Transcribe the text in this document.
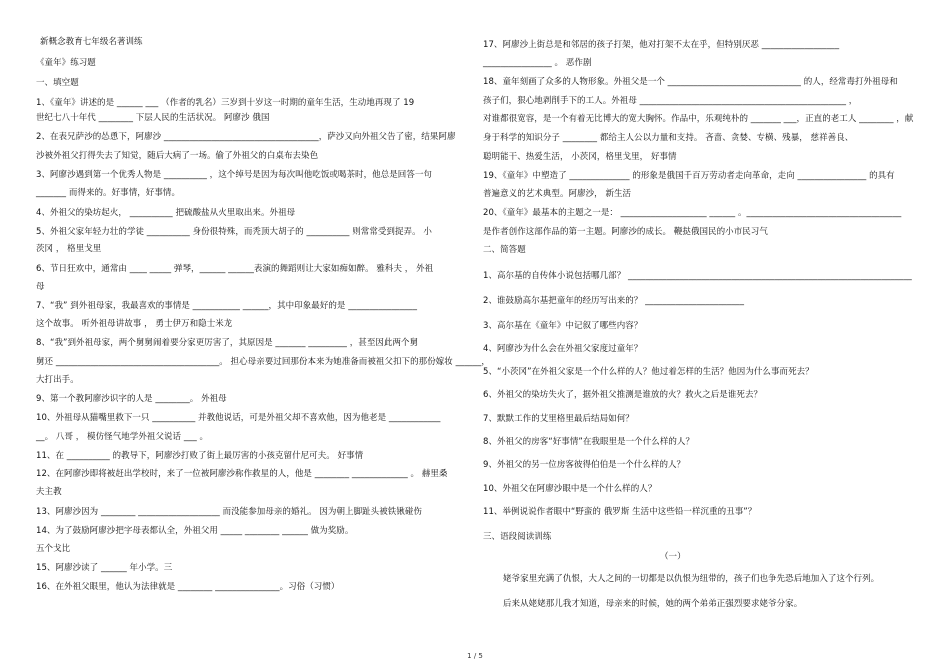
新概念教育七年级名著训练
《童年》练习题
一、填空题
1、《童年》讲述的是 ______ ___ （作者的乳名）三岁到十岁这一时期的童年生活，生动地再现了 19
世纪七八十年代 ________ 下层人民的生活状况。 阿廖沙 俄国
2、在表兄萨沙的怂恿下，阿廖沙 ____________________________________，萨沙又向外祖父告了密，结果阿廖
沙被外祖父打得失去了知觉，随后大病了一场。偷了外祖父的白桌布去染色
3、阿廖沙遇到第一个优秀人物是 __________ ，这个绰号是因为每次叫他吃饭或喝茶时，他总是回答一句
_______ 而得来的。好事情，好事情。
4、外祖父的染坊起火， __________ 把硫酸盐从火里取出来。外祖母
5、外祖父家年轻力壮的学徒 __________ 身份很特殊，而秃顶大胡子的 __________ 则常常受到捉弄。 小
茨冈 ， 格里戈里
6、节日狂欢中，通常由 ____ _____ 弹琴，______ ______表演的舞蹈则让大家如痴如醉。 雅科夫 ， 外祖
母
7、“我” 到外祖母家，我最喜欢的事情是 ___________ ______，其中印象最好的是 ________________
这个故事。 听外祖母讲故事 ， 勇士伊万和隐士米龙
8、“我”到外祖母家，两个舅舅闹着要分家更厉害了，其原因是 _______ _________ ，甚至因此两个舅
舅还 ______________________________________。 担心母亲要过回那份本来为她准备而被祖父扣下的那份嫁妆 ______，
大打出手。
9、第一个教阿廖沙识字的人是 ________。 外祖母
10、外祖母从猫嘴里救下一只 __________ 并教他说话，可是外祖父却不喜欢他，因为他老是 ____________
__。 八哥 ， 模仿怪气地学外祖父说话 ___ 。
11、在 __________ 的教导下，阿廖沙打败了街上最厉害的小孩克留什尼可夫。 好事情
12、在阿廖沙即将被赶出学校时，来了一位被阿廖沙称作救星的人，他是 ________ _____________ 。 赫里桑
夫主教
13、阿廖沙因为 ________ ___________________ 而没能参加母亲的婚礼。 因为朝上脚趾头被铁锹碰伤
14、为了鼓励阿廖沙把字母表都认全，外祖父用 _____ ________ ______ 做为奖励。
五个戈比
15、阿廖沙读了 ______ 年小学。三
16、在外祖父眼里，他认为法律就是 ________ _______________。习俗（习惯）
17、阿廖沙上街总是和邻居的孩子打架，他对打架不太在乎，但特别厌恶 __________________
________________ 。 恶作剧
18、童年刻画了众多的人物形象。外祖父是一个 _______________________________ 的人，经常毒打外祖母和
孩子们，狠心地剥削手下的工人。外祖母 ________________________________________________ ，
对谁都很宽容，是一个有着无比博大的宽大胸怀。作品中，乐观纯朴的 _______ ___，正直的老工人 ________ ，献
身于科学的知识分子 ________ 都给主人公以力量和支持。 吝啬、贪婪、专横、残暴， 慈祥善良、
聪明能干、热爱生活， 小茨冈，格里戈里， 好事情
19、《童年》中塑造了 ______________ 的形象是俄国千百万劳动者走向革命，走向 ________________ 的具有
普遍意义的艺术典型。阿廖沙， 新生活
20、《童年》最基本的主题之一是： ____________________ ______ 。____________________________________
是作者创作这部作品的第一主题。阿廖沙的成长。 鞭挞俄国民的小市民习气
二、简答题
1、高尔基的自传体小说包括哪几部？ __________________________________________________________________
2、谁鼓励高尔基把童年的经历写出来的？ _______________________
3、高尔基在《童年》中记叙了哪些内容？
4、阿廖沙为什么会在外祖父家度过童年？
5、“小茨冈”在外祖父家是一个什么样的人？他过着怎样的生活？他因为什么事而死去？
6、外祖父的染坊失火了，据外祖父推测是谁放的火？救火之后是谁死去？
7、默默工作的艾里格里最后结局如何？
8、外祖父的房客“好事情”在我眼里是一个什么样的人？
9、外祖父的另一位房客彼得伯伯是一个什么样的人？
10、外祖父在阿廖沙眼中是一个什么样的人？
11、举例说说作者眼中“野蛮的 俄罗斯 生活中这些铅一样沉重的丑事”？
三、语段阅读训练
（一）
姥爷家里充满了仇恨，大人之间的一切都是以仇恨为纽带的，孩子们也争先恐后地加入了这个行列。
后来从姥姥那儿我才知道，母亲来的时候，她的两个弟弟正强烈要求姥爷分家。
1 / 5
